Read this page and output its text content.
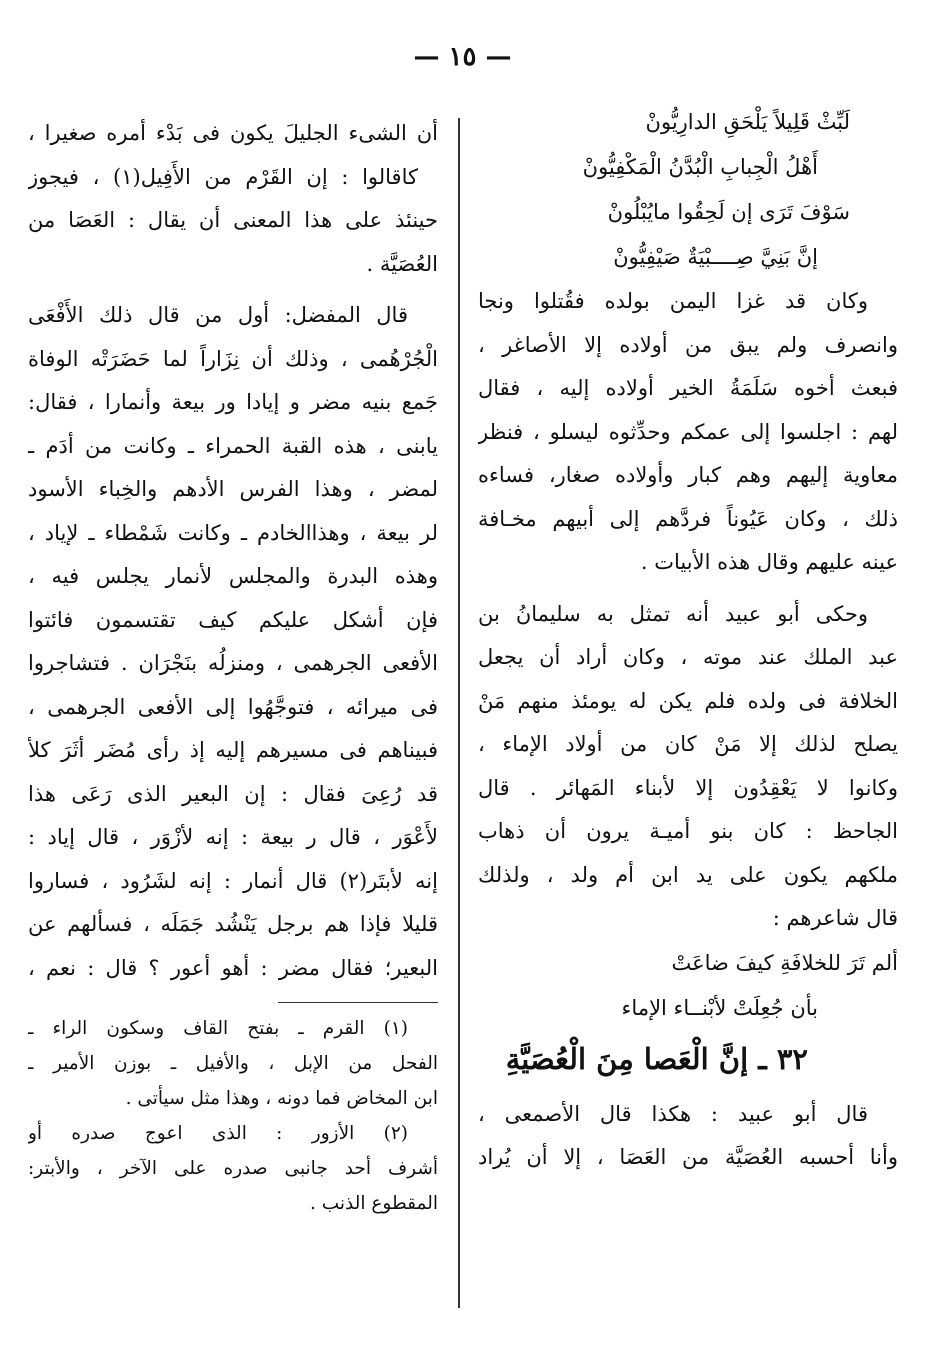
— ١٥ —
لَبِّثْ قَلِيلاً يَلْحَقِ الدارِيُّونْ
أَهْلُ الْجِبابِ الْبُدَّنُ الْمَكْفِيُّونْ
سَوْفَ تَرَى إن لَحِقُوا مايُبْلُونْ
إنَّ بَنِيَّ صِــــبْيَةٌ صَيْفِيُّونْ
وكان قد غزا اليمن بولده فقُتلوا ونجا
وانصرف ولم يبق من أولاده إلا الأصاغر ،
فبعث أخوه سَلَمَةُ الخير أولاده إليه ، فقال
لهم : اجلسوا إلى عمكم وحدِّثوه ليسلو ، فنظر
معاوية إليهم وهم كبار وأولاده صغار، فساءه
ذلك ، وكان عَيُوناً فردَّهم إلى أبيهم مخـافة
عينه عليهم وقال هذه الأبيات .
وحكى أبو عبيد أنه تمثل به سليمانُ بن
عبد الملك عند موته ، وكان أراد أن يجعل
الخلافة فى ولده فلم يكن له يومئذ منهم مَنْ
يصلح لذلك إلا مَنْ كان من أولاد الإماء ،
وكانوا لا يَعْقِدُون إلا لأبناء المَهائر . قال
الجاحظ : كان بنو أميـة يرون أن ذهاب
ملكهم يكون على يد ابن أم ولد ، ولذلك
قال شاعرهم :
ألم تَرَ للخلافَةِ كيفَ ضاعَتْ
بأن جُعِلَتْ لأبْنــاء الإماء
٣٢ ـ إنَّ الْعَصا مِنَ الْعُصَيَّةِ
قال أبو عبيد : هكذا قال الأصمعى ،
وأنا أحسبه العُصَيَّة من العَصَا ، إلا أن يُراد
أن الشىء الجليلَ يكون فى بَدْء أمره صغيرا ،
كاقالوا : إن القَرْم من الأَفِيل(١) ، فيجوز
حينئذ على هذا المعنى أن يقال : العَصَا من
العُصَيَّة .
قال المفضل: أول من قال ذلك الأَفْعَى
الْجُرْهُمى ، وذلك أن نِزَاراً لما حَضَرَتْه الوفاة
جَمع بنيه مضر و إيادا ور بيعة وأنمارا ، فقال:
يابنى ، هذه القبة الحمراء ـ وكانت من أدَم ـ
لمضر ، وهذا الفرس الأدهم والخِباء الأسود
لر بيعة ، وهذاالخادم ـ وكانت شَمْطاء ـ لإياد ،
وهذه البدرة والمجلس لأنمار يجلس فيه ،
فإن أشكل عليكم كيف تقتسمون فائتوا
الأفعى الجرهمى ، ومنزلُه بنَجْرَان . فتشاجروا
فى ميرائه ، فتوجَّهُوا إلى الأفعى الجرهمى ،
فبيناهم فى مسيرهم إليه إذ رأى مُضَر أثَرَ كلأ
قد رُعِىَ فقال : إن البعير الذى رَعَى هذا
لأَعْوَر ، قال ر بيعة : إنه لأزْوَر ، قال إياد :
إنه لأبتَر(٢) قال أنمار : إنه لشَرُود ، فساروا
قليلا فإذا هم برجل يَنْشُد جَمَلَه ، فسألهم عن
البعير؛ فقال مضر : أهو أعور ؟ قال : نعم ،
(١) القرم ـ بفتح القاف وسكون الراء ـ
الفحل من الإبل ، والأفيل ـ بوزن الأمير ـ
ابن المخاض فما دونه ، وهذا مثل سيأتى .
(٢) الأزور : الذى اعوج صدره أو
أشرف أحد جانبى صدره على الآخر ، والأبتر:
المقطوع الذنب .
